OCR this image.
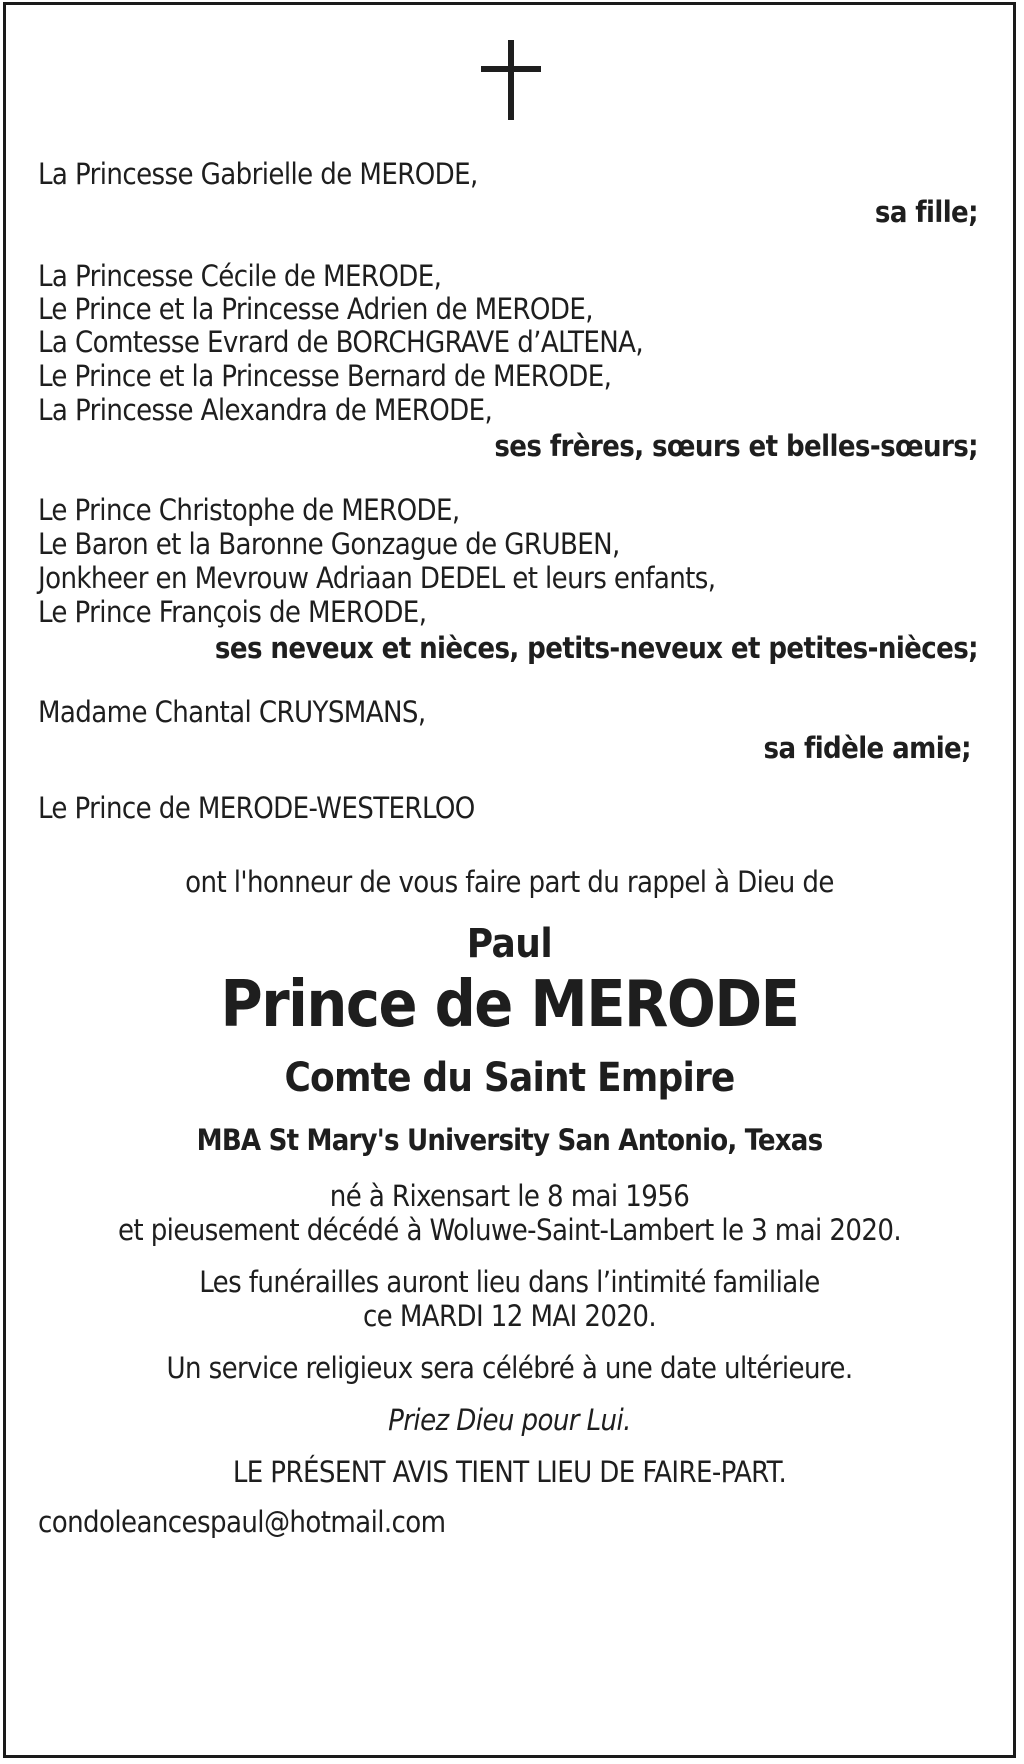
La Princesse Gabrielle de MERODE,
sa fille;
La Princesse Cécile de MERODE,
Le Prince et la Princesse Adrien de MERODE,
La Comtesse Evrard de BORCHGRAVE d’ALTENA,
Le Prince et la Princesse Bernard de MERODE,
La Princesse Alexandra de MERODE,
ses frères, sœurs et belles-sœurs;
Le Prince Christophe de MERODE,
Le Baron et la Baronne Gonzague de GRUBEN,
Jonkheer en Mevrouw Adriaan DEDEL et leurs enfants,
Le Prince François de MERODE,
ses neveux et nièces, petits-neveux et petites-nièces;
Madame Chantal CRUYSMANS,
sa fidèle amie;
Le Prince de MERODE-WESTERLOO
ont l'honneur de vous faire part du rappel à Dieu de
Paul
Prince de MERODE
Comte du Saint Empire
MBA St Mary's University San Antonio, Texas
né à Rixensart le 8 mai 1956
et pieusement décédé à Woluwe-Saint-Lambert le 3 mai 2020.
Les funérailles auront lieu dans l’intimité familiale
ce MARDI 12 MAI 2020.
Un service religieux sera célébré à une date ultérieure.
Priez Dieu pour Lui.
LE PRÉSENT AVIS TIENT LIEU DE FAIRE-PART.
condoleancespaul@hotmail.com
